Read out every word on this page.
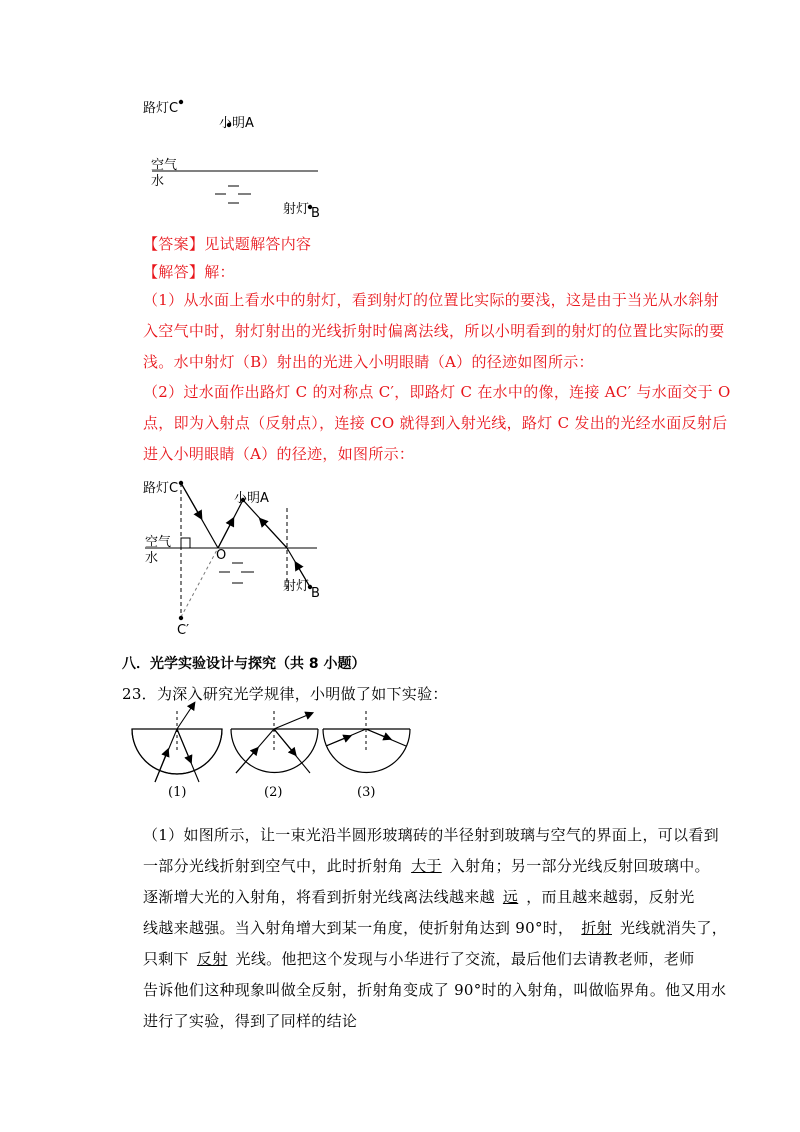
路灯C
小明A
空气
水
射灯 B
【答案】见试题解答内容
【解答】解：
（1）从水面上看水中的射灯，看到射灯的位置比实际的要浅，这是由于当光从水斜射
入空气中时，射灯射出的光线折射时偏离法线，所以小明看到的射灯的位置比实际的要
浅。水中射灯（B）射出的光进入小明眼睛（A）的径迹如图所示：
（2）过水面作出路灯 C 的对称点 C′，即路灯 C 在水中的像，连接 AC′ 与水面交于 O
点，即为入射点（反射点），连接 CO 就得到入射光线，路灯 C 发出的光经水面反射后
进入小明眼睛（A）的径迹，如图所示：
路灯C
小明A
空气
水	O
射灯 B
C′
八．光学实验设计与探究（共 8 小题）
23．为深入研究光学规律，小明做了如下实验：
(1)	(2)	(3)
（1）如图所示，让一束光沿半圆形玻璃砖的半径射到玻璃与空气的界面上，可以看到
一部分光线折射到空气中，此时折射角 大于 入射角；另一部分光线反射回玻璃中。
逐渐增大光的入射角，将看到折射光线离法线越来越 远 ，而且越来越弱，反射光
线越来越强。当入射角增大到某一角度，使折射角达到 90°时， 折射 光线就消失了，
只剩下 反射 光线。他把这个发现与小华进行了交流，最后他们去请教老师，老师
告诉他们这种现象叫做全反射，折射角变成了 90°时的入射角，叫做临界角。他又用水
进行了实验，得到了同样的结论
